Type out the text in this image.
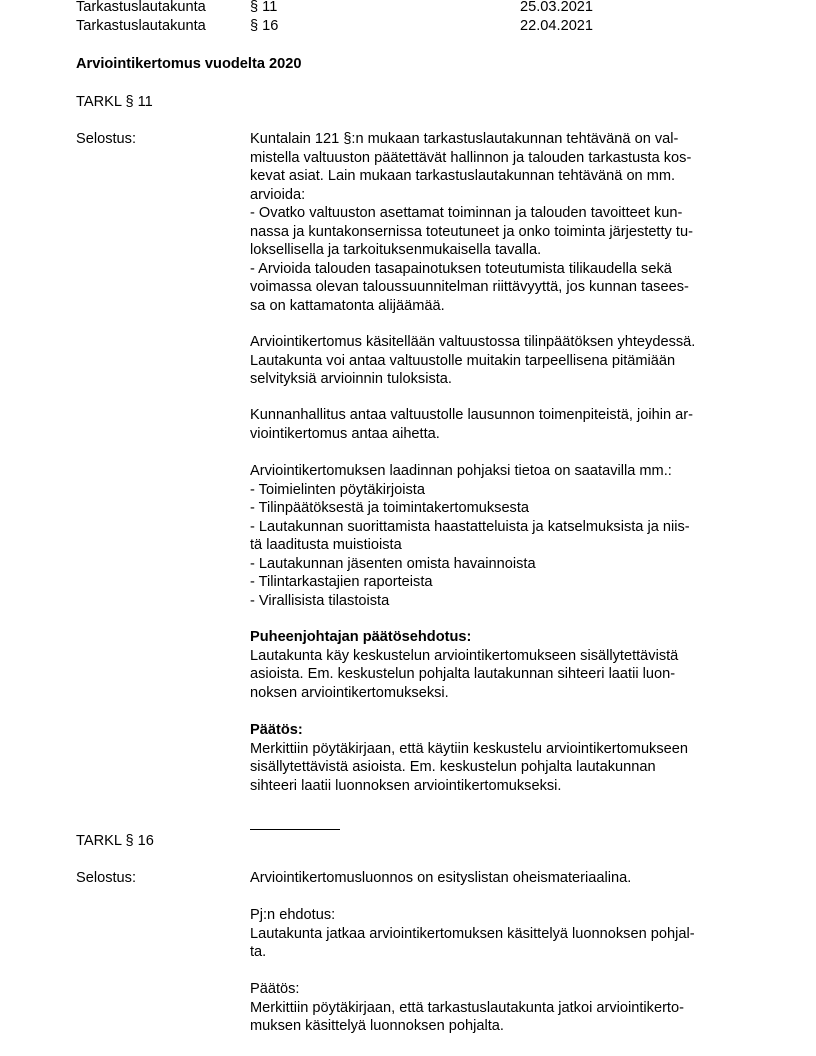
Tarkastuslautakunta	§ 11	25.03.2021
Tarkastuslautakunta	§ 16	22.04.2021
Arviointikertomus vuodelta 2020
TARKL § 11
Selostus:	Kuntalain 121 §:n mukaan tarkastuslautakunnan tehtävänä on val-
mistella valtuuston päätettävät hallinnon ja talouden tarkastusta kos-
kevat asiat. Lain mukaan tarkastuslautakunnan tehtävänä on mm.
arvioida:
- Ovatko valtuuston asettamat toiminnan ja talouden tavoitteet kun-
nassa ja kuntakonsernissa toteutuneet ja onko toiminta järjestetty tu-
loksellisella ja tarkoituksenmukaisella tavalla.
- Arvioida talouden tasapainotuksen toteutumista tilikaudella sekä
voimassa olevan taloussuunnitelman riittävyyttä, jos kunnan tasees-
sa on kattamatonta alijäämää.
Arviointikertomus käsitellään valtuustossa tilinpäätöksen yhteydessä.
Lautakunta voi antaa valtuustolle muitakin tarpeellisena pitämiään
selvityksiä arvioinnin tuloksista.
Kunnanhallitus antaa valtuustolle lausunnon toimenpiteistä, joihin ar-
viointikertomus antaa aihetta.
Arviointikertomuksen laadinnan pohjaksi tietoa on saatavilla mm.:
- Toimielinten pöytäkirjoista
- Tilinpäätöksestä ja toimintakertomuksesta
- Lautakunnan suorittamista haastatteluista ja katselmuksista ja niis-
tä laaditusta muistioista
- Lautakunnan jäsenten omista havainnoista
- Tilintarkastajien raporteista
- Virallisista tilastoista
Puheenjohtajan päätösehdotus:
Lautakunta käy keskustelun arviointikertomukseen sisällytettävistä
asioista. Em. keskustelun pohjalta lautakunnan sihteeri laatii luon-
noksen arviointikertomukseksi.
Päätös:
Merkittiin pöytäkirjaan, että käytiin keskustelu arviointikertomukseen
sisällytettävistä asioista. Em. keskustelun pohjalta lautakunnan
sihteeri laatii luonnoksen arviointikertomukseksi.
TARKL § 16
Selostus:	Arviointikertomusluonnos on esityslistan oheismateriaalina.
Pj:n ehdotus:
Lautakunta jatkaa arviointikertomuksen käsittelyä luonnoksen pohjal-
ta.
Päätös:
Merkittiin pöytäkirjaan, että tarkastuslautakunta jatkoi arviointikerto-
muksen käsittelyä luonnoksen pohjalta.
